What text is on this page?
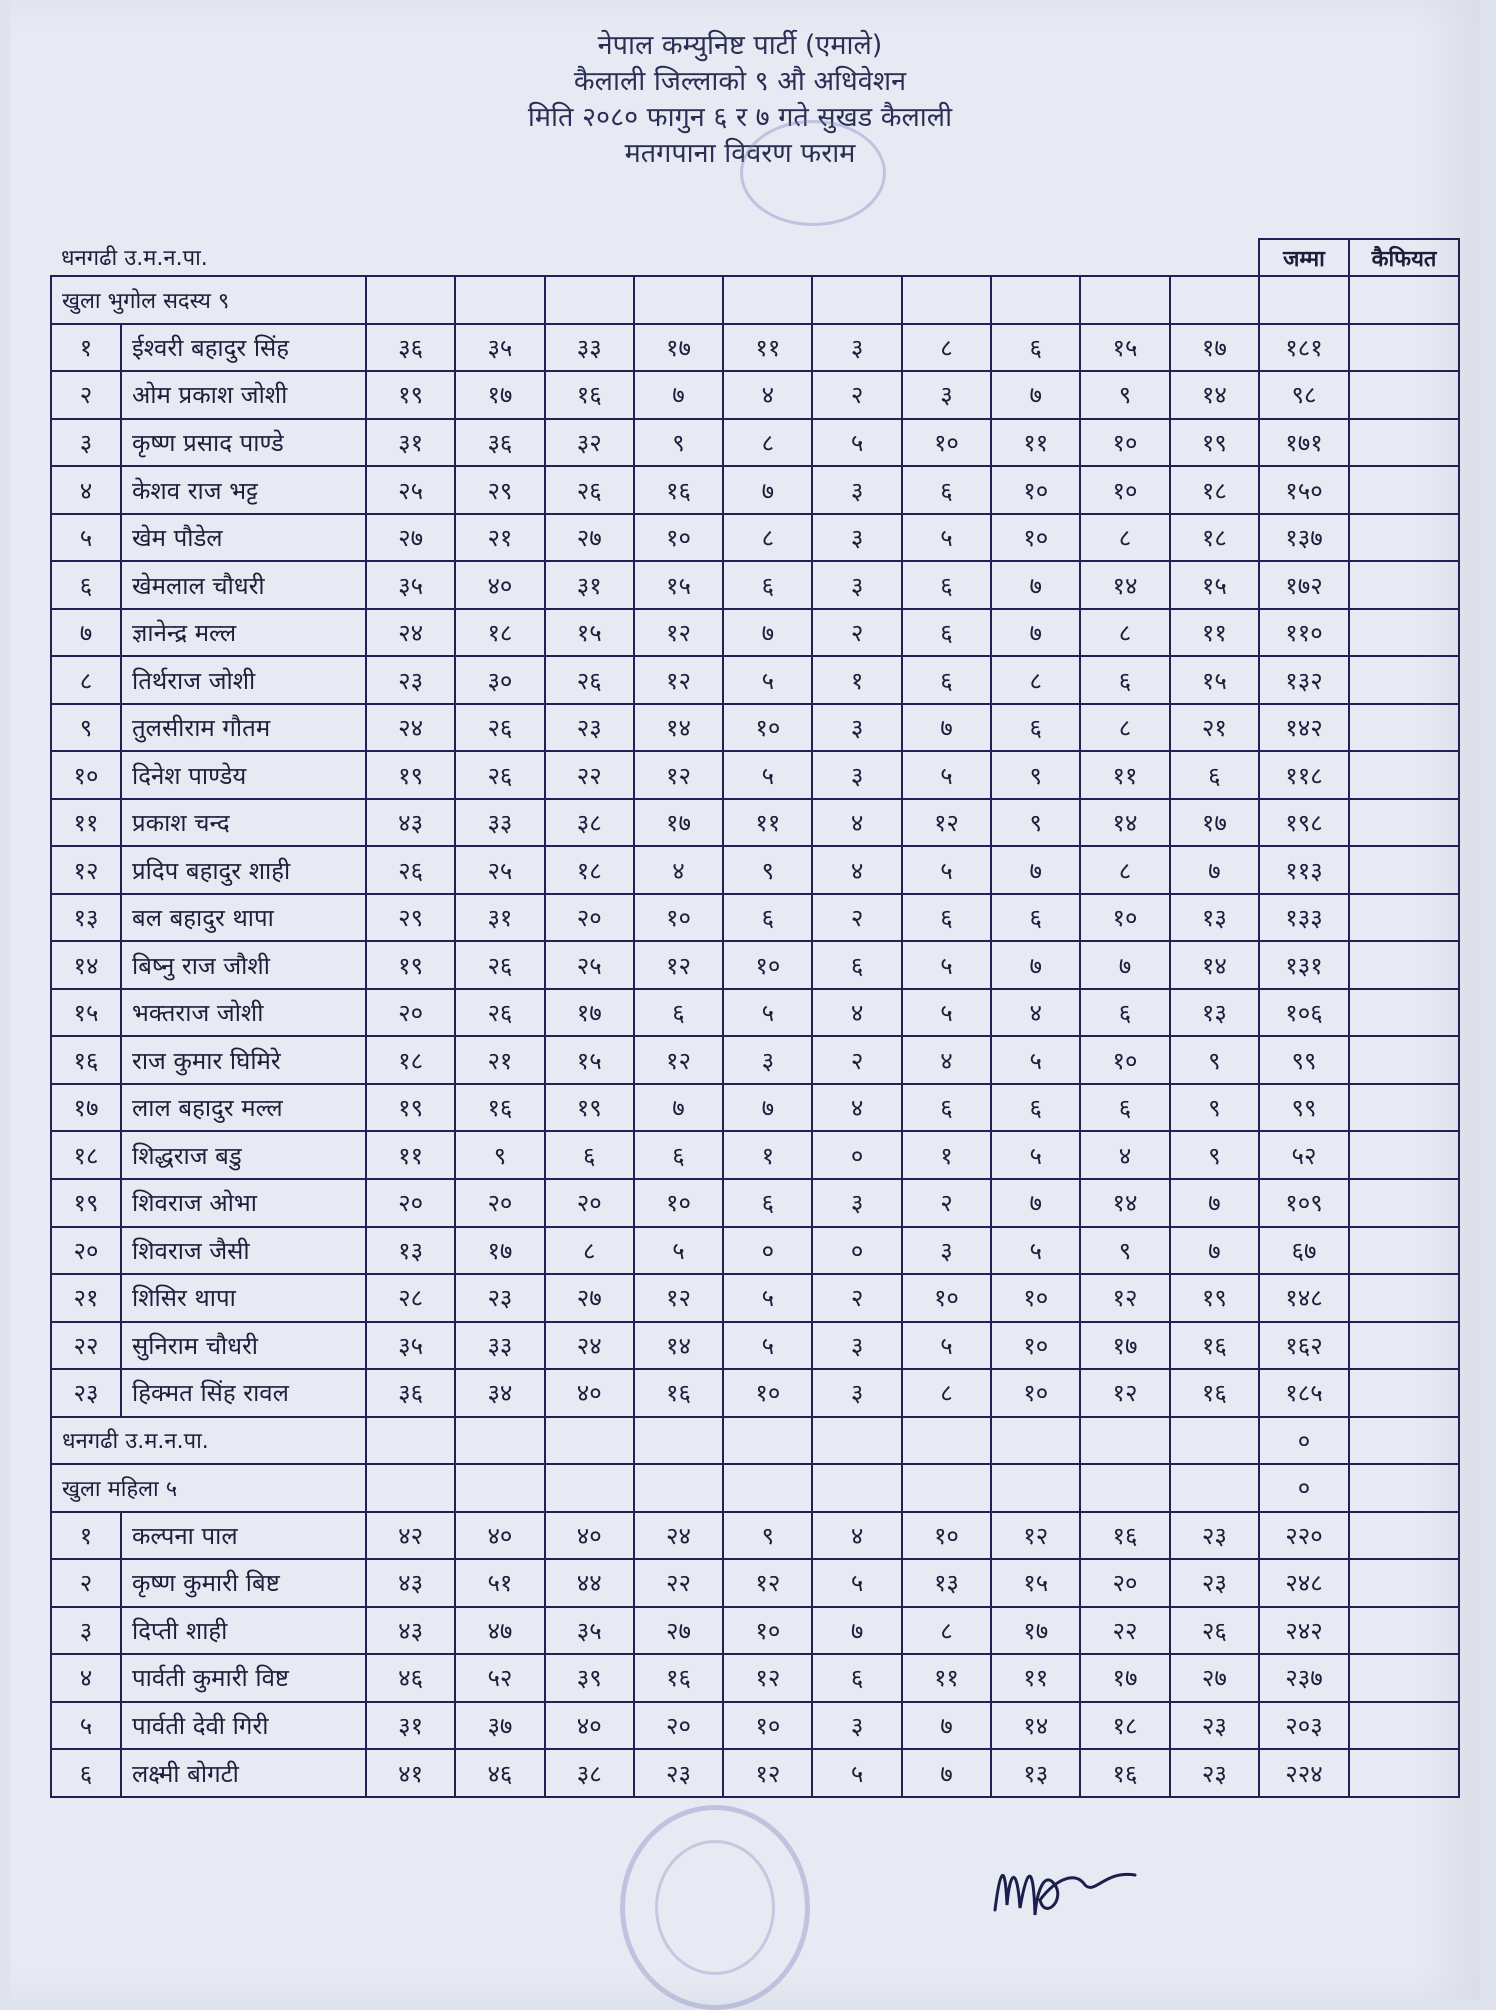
नेपाल कम्युनिष्ट पार्टी (एमाले)
कैलाली जिल्लाको ९ औ अधिवेशन
मिति २०८० फागुन ६ र ७ गते सुखड कैलाली
मतगपाना विवरण फराम
धनगढी उ.म.न.पा.												जम्मा	कैफियत
खुला भुगोल सदस्य ९													
१	ईश्वरी बहादुर सिंह	३६	३५	३३	१७	११	३	८	६	१५	१७	१८१	
२	ओम प्रकाश जोशी	१९	१७	१६	७	४	२	३	७	९	१४	९८	
३	कृष्ण प्रसाद पाण्डे	३१	३६	३२	९	८	५	१०	११	१०	१९	१७१	
४	केशव राज भट्ट	२५	२९	२६	१६	७	३	६	१०	१०	१८	१५०	
५	खेम पौडेल	२७	२१	२७	१०	८	३	५	१०	८	१८	१३७	
६	खेमलाल चौधरी	३५	४०	३१	१५	६	३	६	७	१४	१५	१७२	
७	ज्ञानेन्द्र मल्ल	२४	१८	१५	१२	७	२	६	७	८	११	११०	
८	तिर्थराज जोशी	२३	३०	२६	१२	५	१	६	८	६	१५	१३२	
९	तुलसीराम गौतम	२४	२६	२३	१४	१०	३	७	६	८	२१	१४२	
१०	दिनेश पाण्डेय	१९	२६	२२	१२	५	३	५	९	११	६	११८	
११	प्रकाश चन्द	४३	३३	३८	१७	११	४	१२	९	१४	१७	१९८	
१२	प्रदिप बहादुर शाही	२६	२५	१८	४	९	४	५	७	८	७	११३	
१३	बल बहादुर थापा	२९	३१	२०	१०	६	२	६	६	१०	१३	१३३	
१४	बिष्नु राज जौशी	१९	२६	२५	१२	१०	६	५	७	७	१४	१३१	
१५	भक्तराज जोशी	२०	२६	१७	६	५	४	५	४	६	१३	१०६	
१६	राज कुमार घिमिरे	१८	२१	१५	१२	३	२	४	५	१०	९	९९	
१७	लाल बहादुर मल्ल	१९	१६	१९	७	७	४	६	६	६	९	९९	
१८	शिद्धराज बडु	११	९	६	६	१	०	१	५	४	९	५२	
१९	शिवराज ओभा	२०	२०	२०	१०	६	३	२	७	१४	७	१०९	
२०	शिवराज जैसी	१३	१७	८	५	०	०	३	५	९	७	६७	
२१	शिसिर थापा	२८	२३	२७	१२	५	२	१०	१०	१२	१९	१४८	
२२	सुनिराम चौधरी	३५	३३	२४	१४	५	३	५	१०	१७	१६	१६२	
२३	हिक्मत सिंह रावल	३६	३४	४०	१६	१०	३	८	१०	१२	१६	१८५	
धनगढी उ.म.न.पा.												०	
खुला महिला ५												०	
१	कल्पना पाल	४२	४०	४०	२४	९	४	१०	१२	१६	२३	२२०	
२	कृष्ण कुमारी बिष्ट	४३	५१	४४	२२	१२	५	१३	१५	२०	२३	२४८	
३	दिप्ती शाही	४३	४७	३५	२७	१०	७	८	१७	२२	२६	२४२	
४	पार्वती कुमारी विष्ट	४६	५२	३९	१६	१२	६	११	११	१७	२७	२३७	
५	पार्वती देवी गिरी	३१	३७	४०	२०	१०	३	७	१४	१८	२३	२०३	
६	लक्ष्मी बोगटी	४१	४६	३८	२३	१२	५	७	१३	१६	२३	२२४	
